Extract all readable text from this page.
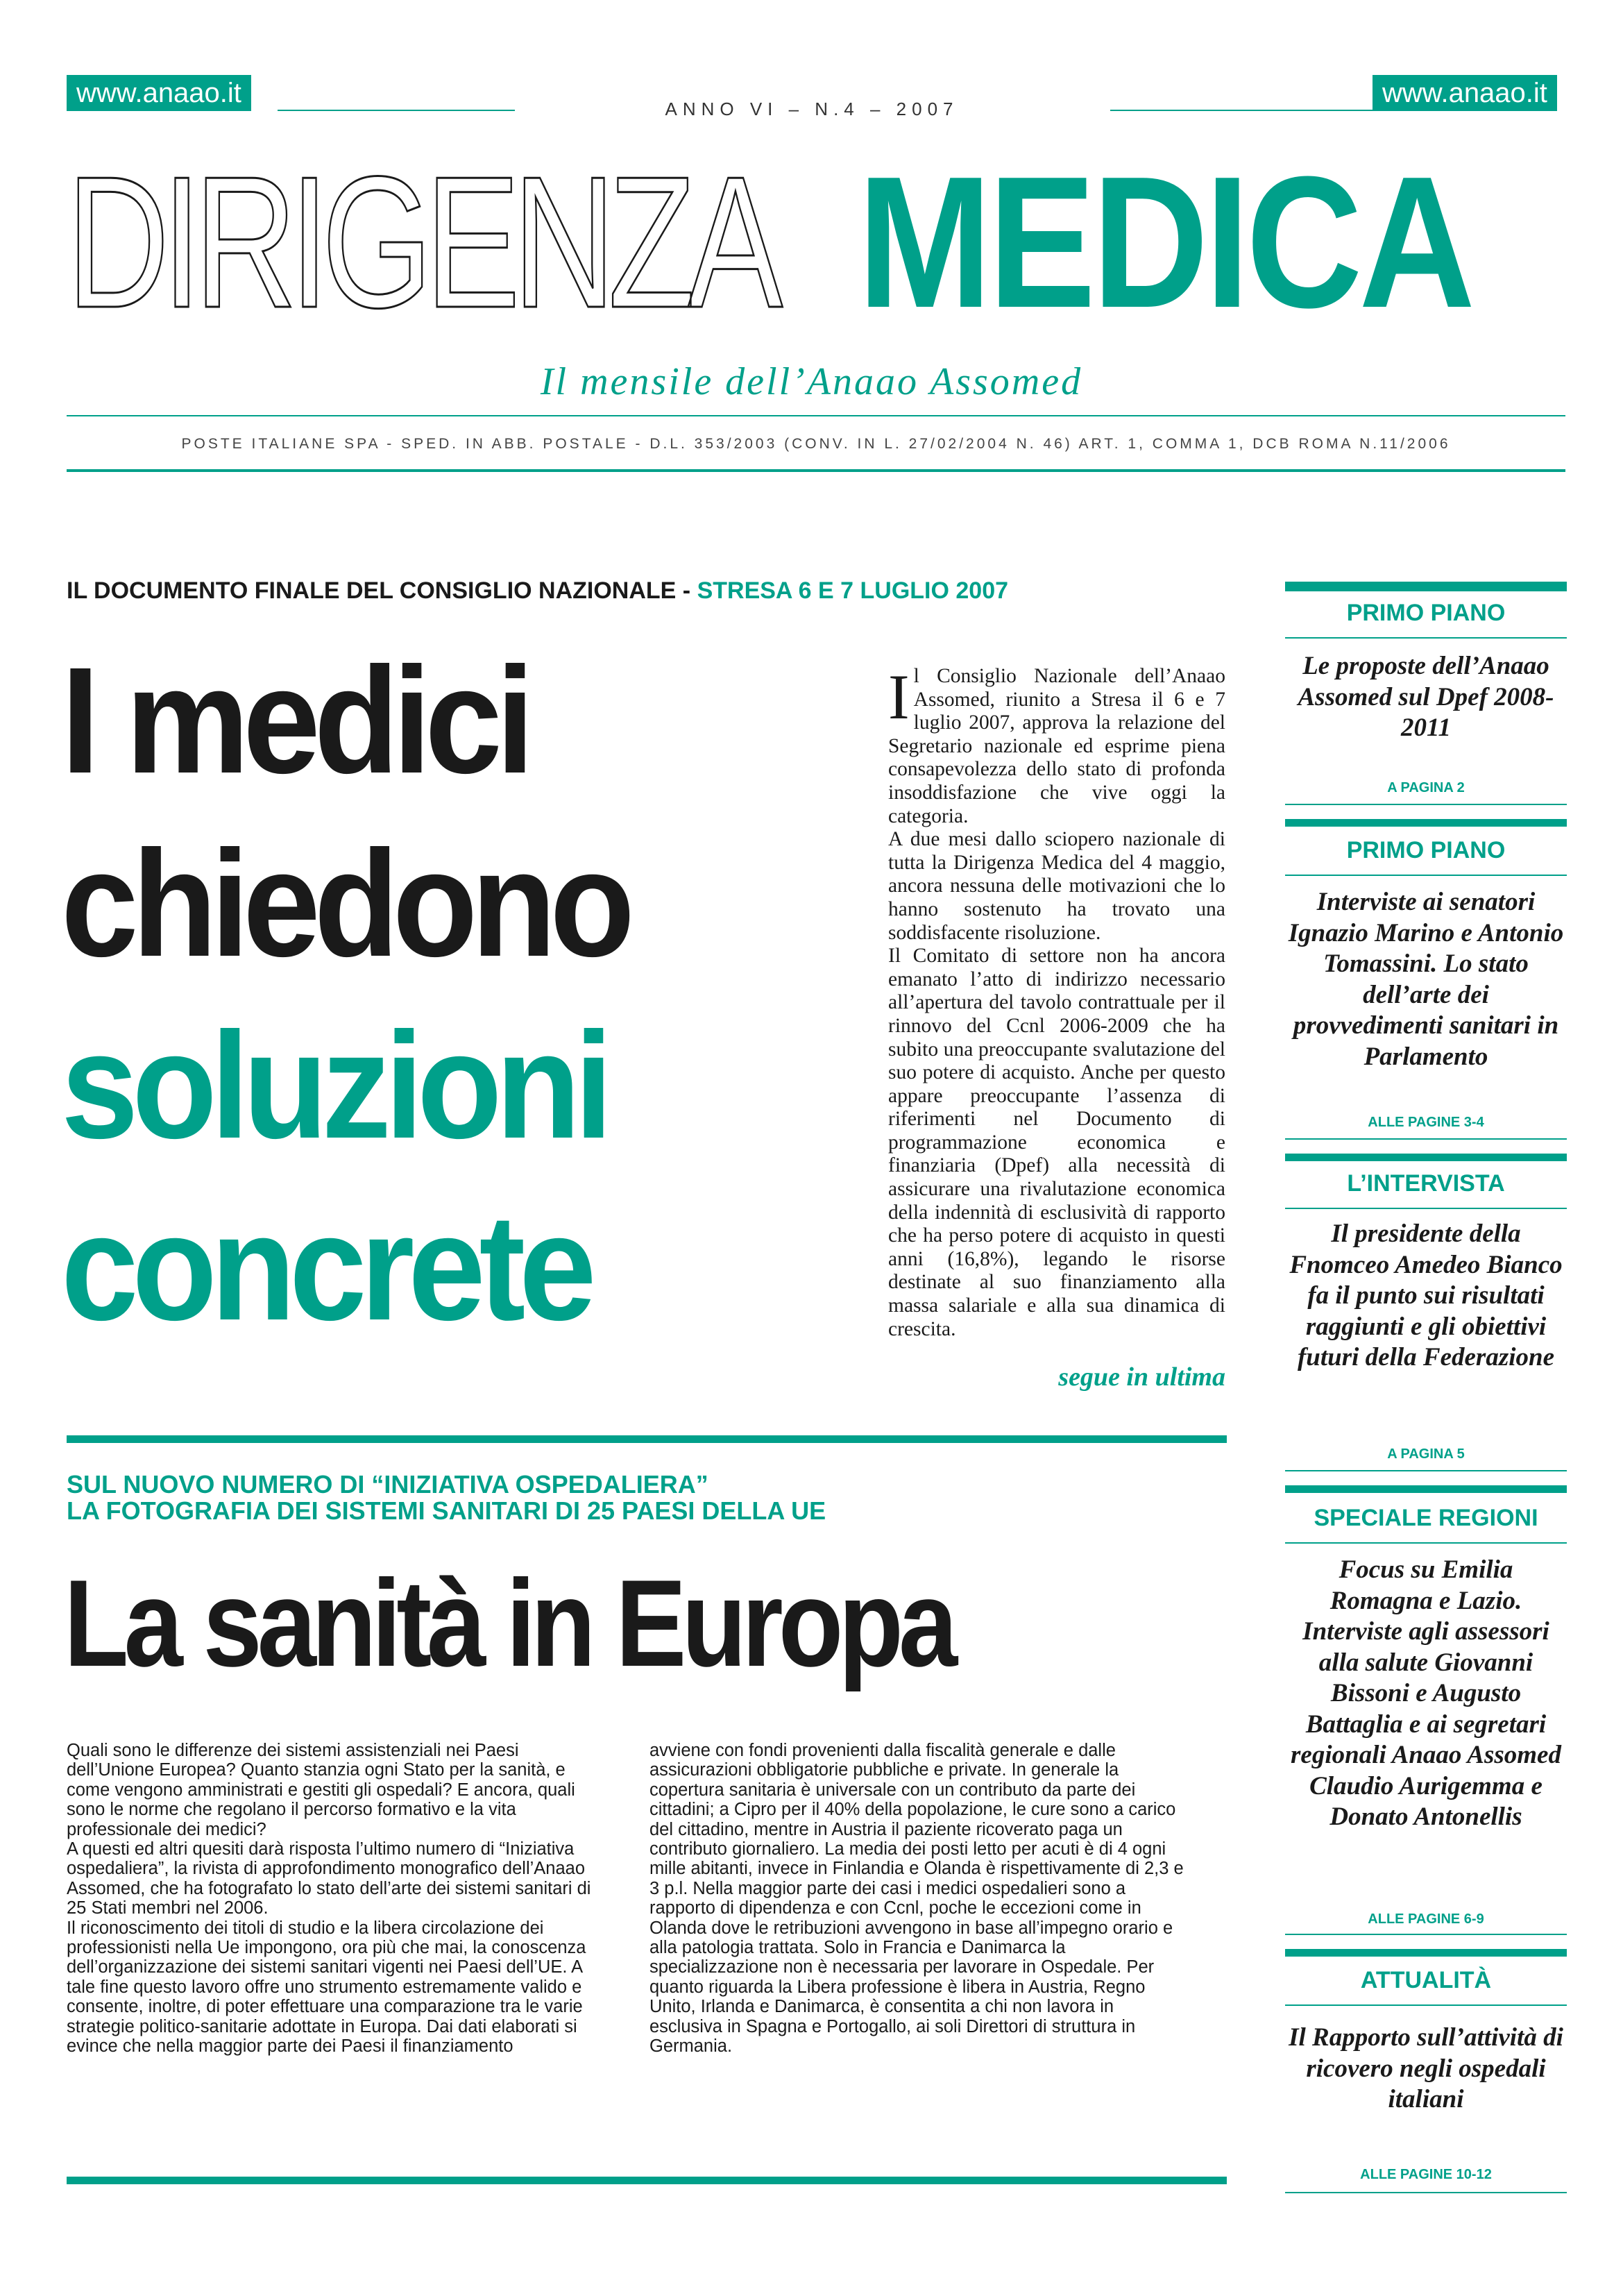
www.anaao.it
ANNO VI – N.4 – 2007
www.anaao.it
DIRIGENZA MEDICA
Il mensile dell’Anaao Assomed
POSTE ITALIANE SPA - SPED. IN ABB. POSTALE - D.L. 353/2003 (CONV. IN L. 27/02/2004 N. 46) ART. 1, COMMA 1, DCB ROMA N.11/2006
IL DOCUMENTO FINALE DEL CONSIGLIO NAZIONALE - STRESA 6 E 7 LUGLIO 2007
I medici
chiedono
soluzioni
concrete

Il Consiglio Nazionale dell’Anaao Assomed, riunito a Stresa il 6 e 7 luglio 2007, approva la relazione del Segretario nazionale ed esprime piena consapevolezza dello stato di profonda insoddisfazione che vive oggi la categoria.

A due mesi dallo sciopero nazionale di tutta la Dirigenza Medica del 4 maggio, ancora nessuna delle motivazioni che lo hanno sostenuto ha trovato una soddisfacente risoluzione.

Il Comitato di settore non ha ancora emanato l’atto di indirizzo necessario all’apertura del tavolo contrattuale per il rinnovo del Ccnl 2006-2009 che ha subito una preoccupante svalutazione del suo potere di acquisto. Anche per questo appare preoccupante l’assenza di riferimenti nel Documento di programmazione economica e finanziaria (Dpef) alla necessità di assicurare una rivalutazione economica della indennità di esclusività di rapporto che ha perso potere di acquisto in questi anni (16,8%), legando le risorse destinate al suo finanziamento alla massa salariale e alla sua dinamica di crescita.

segue in ultima
SUL NUOVO NUMERO DI “INIZIATIVA OSPEDALIERA”
LA FOTOGRAFIA DEI SISTEMI SANITARI DI 25 PAESI DELLA UE
La sanità in Europa

Quali sono le differenze dei sistemi assistenziali nei Paesi dell’Unione Europea? Quanto stanzia ogni Stato per la sanità, e come vengono amministrati e gestiti gli ospedali? E ancora, quali sono le norme che regolano il percorso formativo e la vita professionale dei medici?

A questi ed altri quesiti darà risposta l’ultimo numero di “Iniziativa ospedaliera”, la rivista di approfondimento monografico dell’Anaao Assomed, che ha fotografato lo stato dell’arte dei sistemi sanitari di 25 Stati membri nel 2006.

Il riconoscimento dei titoli di studio e la libera circolazione dei professionisti nella Ue impongono, ora più che mai, la conoscenza dell’organizzazione dei sistemi sanitari vigenti nei Paesi dell’UE. A tale fine questo lavoro offre uno strumento estremamente valido e consente, inoltre, di poter effettuare una comparazione tra le varie strategie politico-sanitarie adottate in Europa. Dai dati elaborati si evince che nella maggior parte dei Paesi il finanziamento

avviene con fondi provenienti dalla fiscalità generale e dalle assicurazioni obbligatorie pubbliche e private. In generale la copertura sanitaria è universale con un contributo da parte dei cittadini; a Cipro per il 40% della popolazione, le cure sono a carico del cittadino, mentre in Austria il paziente ricoverato paga un contributo giornaliero. La media dei posti letto per acuti è di 4 ogni mille abitanti, invece in Finlandia e Olanda è rispettivamente di 2,3 e 3 p.l. Nella maggior parte dei casi i medici ospedalieri sono a rapporto di dipendenza e con Ccnl, poche le eccezioni come in Olanda dove le retribuzioni avvengono in base all’impegno orario e alla patologia trattata. Solo in Francia e Danimarca la specializzazione non è necessaria per lavorare in Ospedale. Per quanto riguarda la Libera professione è libera in Austria, Regno Unito, Irlanda e Danimarca, è consentita a chi non lavora in esclusiva in Spagna e Portogallo, ai soli Direttori di struttura in Germania.

PRIMO PIANO
Le proposte dell’Anaao Assomed sul Dpef 2008-2011
A PAGINA 2
PRIMO PIANO
Interviste ai senatori Ignazio Marino e Antonio Tomassini. Lo stato dell’arte dei provvedimenti sanitari in Parlamento
ALLE PAGINE 3-4
L’INTERVISTA
Il presidente della Fnomceo Amedeo Bianco fa il punto sui risultati raggiunti e gli obiettivi futuri della Federazione
A PAGINA 5
SPECIALE REGIONI
Focus su Emilia Romagna e Lazio. Interviste agli assessori alla salute Giovanni Bissoni e Augusto Battaglia e ai segretari regionali Anaao Assomed Claudio Aurigemma e Donato Antonellis
ALLE PAGINE 6-9
ATTUALITÀ
Il Rapporto sull’attività di ricovero negli ospedali italiani
ALLE PAGINE 10-12
